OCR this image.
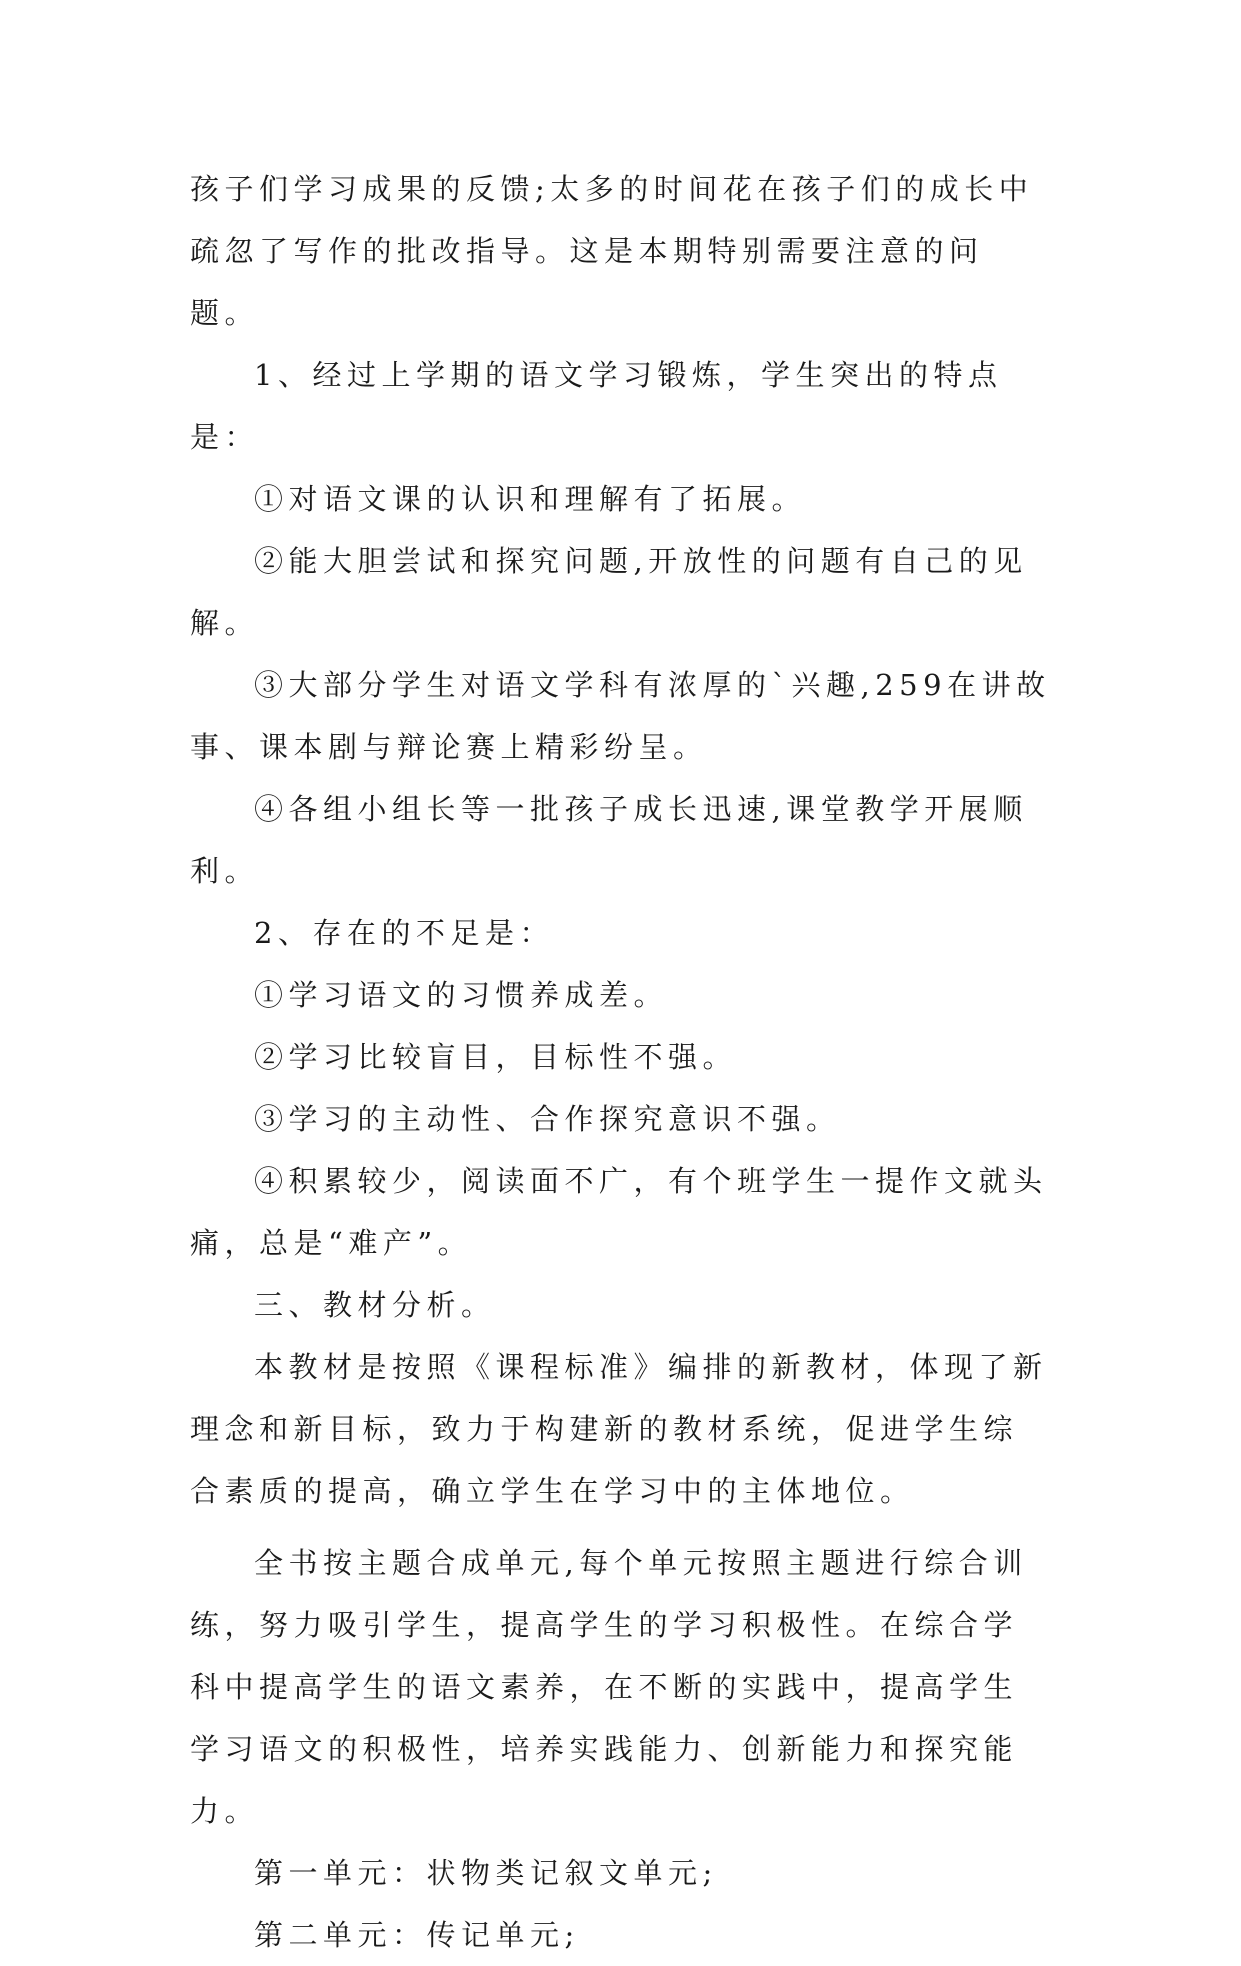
孩子们学习成果的反馈;太多的时间花在孩子们的成长中疏忽了写作的批改指导。这是本期特别需要注意的问题。

1、经过上学期的语文学习锻炼，学生突出的特点是：

①对语文课的认识和理解有了拓展。

②能大胆尝试和探究问题,开放性的问题有自己的见解。

③大部分学生对语文学科有浓厚的`兴趣,259在讲故事、课本剧与辩论赛上精彩纷呈。

④各组小组长等一批孩子成长迅速,课堂教学开展顺利。

2、存在的不足是：

①学习语文的习惯养成差。

②学习比较盲目，目标性不强。

③学习的主动性、合作探究意识不强。

④积累较少，阅读面不广，有个班学生一提作文就头痛，总是“难产”。

三、教材分析。

本教材是按照《课程标准》编排的新教材，体现了新理念和新目标，致力于构建新的教材系统，促进学生综合素质的提高，确立学生在学习中的主体地位。

全书按主题合成单元,每个单元按照主题进行综合训练，努力吸引学生，提高学生的学习积极性。在综合学科中提高学生的语文素养，在不断的实践中，提高学生学习语文的积极性，培养实践能力、创新能力和探究能力。

第一单元：状物类记叙文单元;

第二单元：传记单元;
